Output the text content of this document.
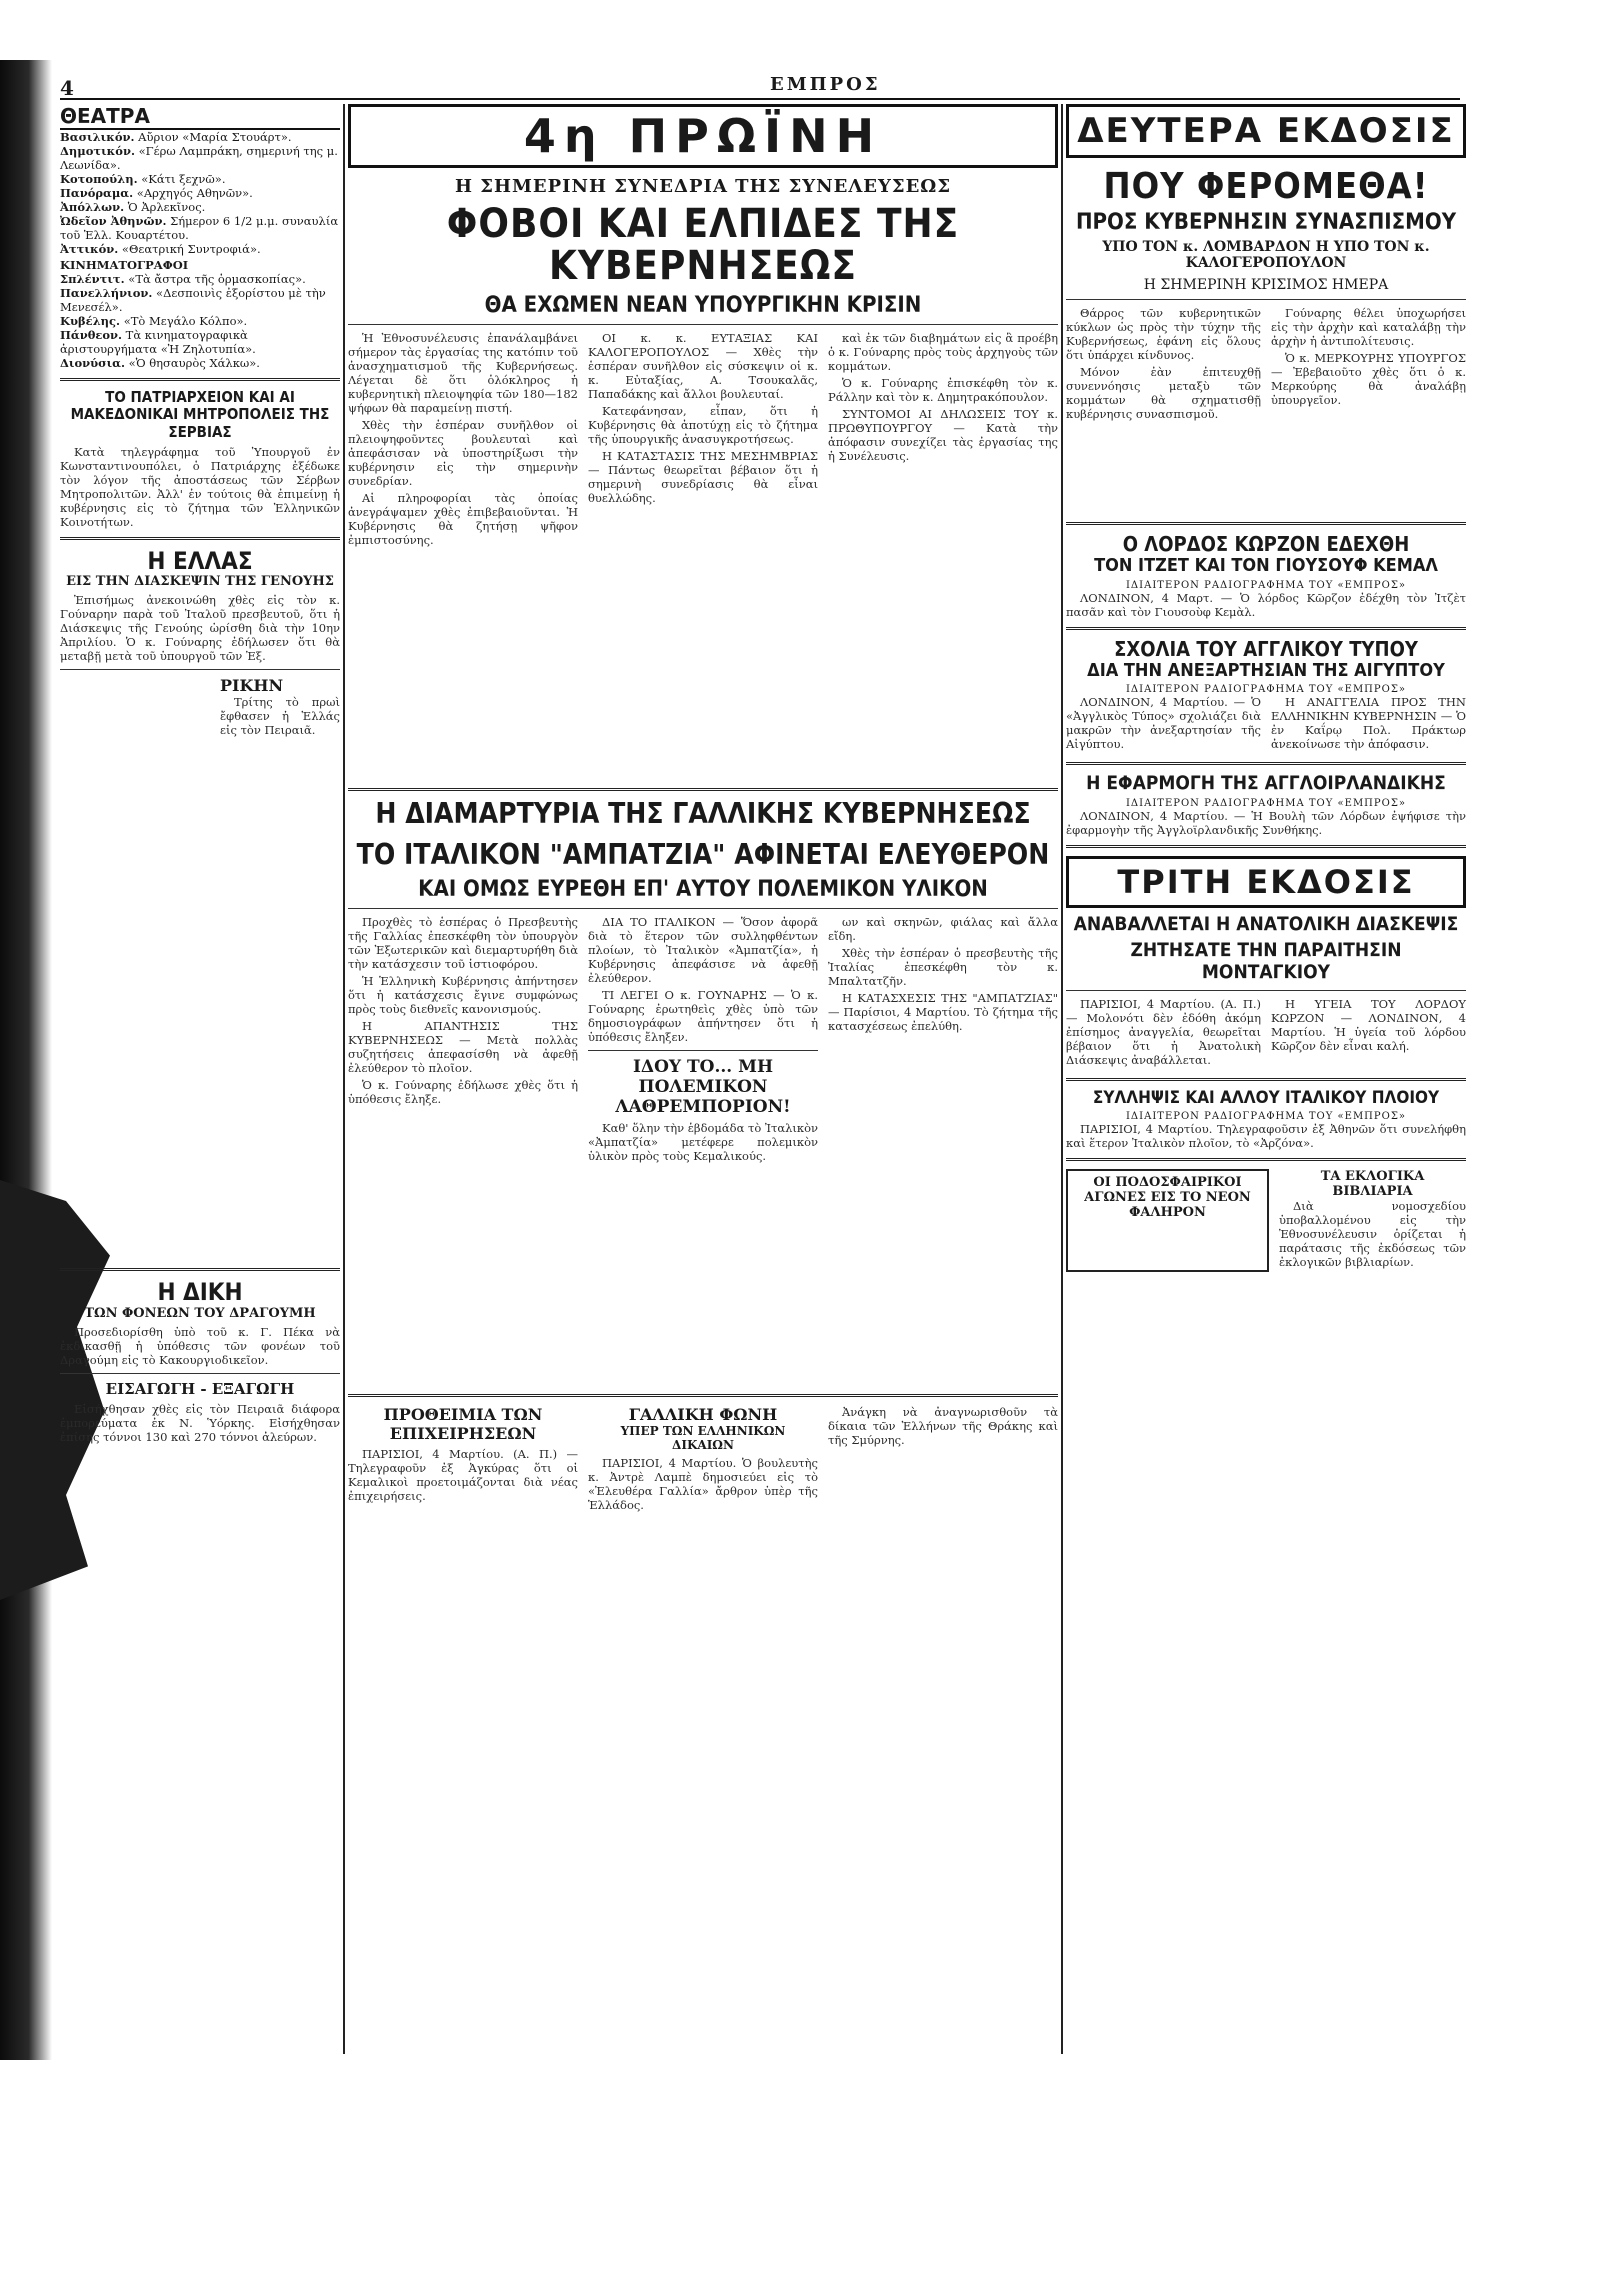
4	ΕΜΠΡΟΣ
ΘΕΑΤΡΑ
Βασιλικόν. Αὔριον «Μαρία Στουάρτ».
Δημοτικόν. «Γέρω Λαμπράκη, σημερινή της μ. Λεωνίδα».
Κοτοπούλη. «Κάτι ξεχνῶ».
Πανόραμα. «Αρχηγός Αθηνῶν».
Ἀπόλλων. Ὁ Ἀρλεκῖνος.
Ὠδεῖον Ἀθηνῶν. Σήμερον 6 1/2 μ.μ. συναυλία τοῦ Ἑλλ. Κουαρτέτου.
Ἀττικόν. «Θεατρική Συντροφιά».
ΚΙΝΗΜΑΤΟΓΡΑΦΟΙ
Σπλέντιτ. «Τὰ ἄστρα τῆς ὁρμασκοπίας».
Πανελλήνιον. «Δεσποινὶς ἐξορίστου μὲ τὴν Μενεσέλ».
Κυβέλης. «Τὸ Μεγάλο Κόλπο».
Πάνθεον. Τὰ κινηματογραφικὰ ἀριστουργήματα «Ἡ Ζηλοτυπία».
Διονύσια. «Ὁ θησαυρὸς Χάλκω».
ΤΟ ΠΑΤΡΙΑΡΧΕΙΟΝ ΚΑΙ ΑΙ ΜΑΚΕΔΟΝΙΚΑΙ ΜΗΤΡΟΠΟΛΕΙΣ ΤΗΣ ΣΕΡΒΙΑΣ

Κατὰ τηλεγράφημα τοῦ Ὑπουργοῦ ἐν Κωνσταντινουπόλει, ὁ Πατριάρχης ἐξέδωκε τὸν λόγον τῆς ἀποστάσεως τῶν Σέρβων Μητροπολιτῶν. Ἀλλ' ἐν τούτοις θὰ ἐπιμείνῃ ἡ κυβέρνησις εἰς τὸ ζήτημα τῶν Ἑλληνικῶν Κοινοτήτων.

Η ΕΛΛΑΣ
ΕΙΣ ΤΗΝ ΔΙΑΣΚΕΨΙΝ ΤΗΣ ΓΕΝΟΥΗΣ

Ἐπισήμως ἀνεκοινώθη χθὲς εἰς τὸν κ. Γούναρην παρὰ τοῦ Ἰταλοῦ πρεσβευτοῦ, ὅτι ἡ Διάσκεψις τῆς Γενούης ὡρίσθη διὰ τὴν 10ην Ἀπριλίου. Ὁ κ. Γούναρης ἐδήλωσεν ὅτι θὰ μεταβῇ μετὰ τοῦ ὑπουργοῦ τῶν Ἐξ.

ΡΙΚΗΝ

Τρίτης τὸ πρωὶ ἔφθασεν ἡ Ἑλλάς εἰς τὸν Πειραιᾶ.

Η ΔΙΚΗ
ΤΩΝ ΦΟΝΕΩΝ ΤΟΥ ΔΡΑΓΟΥΜΗ

Προσεδιορίσθη ὑπὸ τοῦ κ. Γ. Πέκα νὰ ἐκδικασθῇ ἡ ὑπόθεσις τῶν φονέων τοῦ Δραγούμη εἰς τὸ Κακουργιοδικεῖον.

ΕΙΣΑΓΩΓΗ - ΕΞΑΓΩΓΗ

Εἰσήχθησαν χθὲς εἰς τὸν Πειραιᾶ διάφορα ἐμπορεύματα ἐκ Ν. Ὑόρκης. Εἰσήχθησαν ἐπίσης τόννοι 130 καὶ 270 τόννοι ἀλεύρων.

4η ΠΡΩΪΝΗ
Η ΣΗΜΕΡΙΝΗ ΣΥΝΕΔΡΙΑ ΤΗΣ ΣΥΝΕΛΕΥΣΕΩΣ
ΦΟΒΟΙ ΚΑΙ ΕΛΠΙΔΕΣ ΤΗΣ ΚΥΒΕΡΝΗΣΕΩΣ
ΘΑ ΕΧΩΜΕΝ ΝΕΑΝ ΥΠΟΥΡΓΙΚΗΝ ΚΡΙΣΙΝ

Ἡ Ἐθνοσυνέλευσις ἐπανάλαμβάνει σήμερον τὰς ἐργασίας της κατόπιν τοῦ ἀνασχηματισμοῦ τῆς Κυβερνήσεως. Λέγεται δὲ ὅτι ὁλόκληρος ἡ κυβερνητικὴ πλειοψηφία τῶν 180—182 ψήφων θὰ παραμείνῃ πιστή.

Χθὲς τὴν ἑσπέραν συνῆλθον οἱ πλειοψηφοῦντες βουλευταὶ καὶ ἀπεφάσισαν νὰ ὑποστηρίξωσι τὴν κυβέρνησιν εἰς τὴν σημερινὴν συνεδρίαν.

Αἱ πληροφορίαι τὰς ὁποίας ἀνεγράψαμεν χθὲς ἐπιβεβαιοῦνται. Ἡ Κυβέρνησις θὰ ζητήσῃ ψῆφον ἐμπιστοσύνης.

ΟΙ κ. κ. ΕΥΤΑΞΙΑΣ ΚΑΙ ΚΑΛΟΓΕΡΟΠΟΥΛΟΣ — Χθὲς τὴν ἑσπέραν συνῆλθον εἰς σύσκεψιν οἱ κ. κ. Εὐταξίας, Α. Τσουκαλᾶς, Παπαδάκης καὶ ἄλλοι βουλευταί.

Κατεφάνησαν, εἶπαν, ὅτι ἡ Κυβέρνησις θὰ ἀποτύχῃ εἰς τὸ ζήτημα τῆς ὑπουργικῆς ἀνασυγκροτήσεως.

Η ΚΑΤΑΣΤΑΣΙΣ ΤΗΣ ΜΕΣΗΜΒΡΙΑΣ — Πάντως θεωρεῖται βέβαιον ὅτι ἡ σημερινὴ συνεδρίασις θὰ εἶναι θυελλώδης.

καὶ ἐκ τῶν διαβημάτων εἰς ἃ προέβη ὁ κ. Γούναρης πρὸς τοὺς ἀρχηγοὺς τῶν κομμάτων.

Ὁ κ. Γούναρης ἐπισκέφθη τὸν κ. Ράλλην καὶ τὸν κ. Δημητρακόπουλον.

ΣΥΝΤΟΜΟΙ ΑΙ ΔΗΛΩΣΕΙΣ ΤΟΥ κ. ΠΡΩΘΥΠΟΥΡΓΟΥ — Κατὰ τὴν ἀπόφασιν συνεχίζει τὰς ἐργασίας της ἡ Συνέλευσις.

Η ΔΙΑΜΑΡΤΥΡΙΑ ΤΗΣ ΓΑΛΛΙΚΗΣ ΚΥΒΕΡΝΗΣΕΩΣ
ΤΟ ΙΤΑΛΙΚΟΝ "ΑΜΠΑΤΖΙΑ" ΑΦΙΝΕΤΑΙ ΕΛΕΥΘΕΡΟΝ
ΚΑΙ ΟΜΩΣ ΕΥΡΕΘΗ ΕΠ' ΑΥΤΟΥ ΠΟΛΕΜΙΚΟΝ ΥΛΙΚΟΝ

Προχθὲς τὸ ἑσπέρας ὁ Πρεσβευτὴς τῆς Γαλλίας ἐπεσκέφθη τὸν ὑπουργὸν τῶν Ἐξωτερικῶν καὶ διεμαρτυρήθη διὰ τὴν κατάσχεσιν τοῦ ἱστιοφόρου.

Ἡ Ἑλληνικὴ Κυβέρνησις ἀπήντησεν ὅτι ἡ κατάσχεσις ἔγινε συμφώνως πρὸς τοὺς διεθνεῖς κανονισμούς.

Η ΑΠΑΝΤΗΣΙΣ ΤΗΣ ΚΥΒΕΡΝΗΣΕΩΣ — Μετὰ πολλὰς συζητήσεις ἀπεφασίσθη νὰ ἀφεθῇ ἐλεύθερον τὸ πλοῖον.

Ὁ κ. Γούναρης ἐδήλωσε χθὲς ὅτι ἡ ὑπόθεσις ἔληξε.

ΔΙΑ ΤΟ ΙΤΑΛΙΚΟΝ — Ὅσον ἀφορᾶ διὰ τὸ ἕτερον τῶν συλληφθέντων πλοίων, τὸ Ἰταλικὸν «Ἀμπατζία», ἡ Κυβέρνησις ἀπεφάσισε νὰ ἀφεθῇ ἐλεύθερον.

ΤΙ ΛΕΓΕΙ Ο κ. ΓΟΥΝΑΡΗΣ — Ὁ κ. Γούναρης ἐρωτηθεὶς χθὲς ὑπὸ τῶν δημοσιογράφων ἀπήντησεν ὅτι ἡ ὑπόθεσις ἔληξεν.

ΙΔΟΥ ΤΟ... ΜΗ ΠΟΛΕΜΙΚΟΝ ΛΑΘΡΕΜΠΟΡΙΟΝ!

Καθ' ὅλην τὴν ἑβδομάδα τὸ Ἰταλικὸν «Ἀμπατζία» μετέφερε πολεμικὸν ὑλικὸν πρὸς τοὺς Κεμαλικούς.

ων καὶ σκηνῶν, φιάλας καὶ ἄλλα εἴδη.

Χθὲς τὴν ἑσπέραν ὁ πρεσβευτὴς τῆς Ἰταλίας ἐπεσκέφθη τὸν κ. Μπαλτατζῆν.

Η ΚΑΤΑΣΧΕΣΙΣ ΤΗΣ "ΑΜΠΑΤΖΙΑΣ" — Παρίσιοι, 4 Μαρτίου. Τὸ ζήτημα τῆς κατασχέσεως ἐπελύθη.

ΠΡΟΘΕΙΜΙΑ ΤΩΝ ΕΠΙΧΕΙΡΗΣΕΩΝ

ΠΑΡΙΣΙΟΙ, 4 Μαρτίου. (Α. Π.) — Τηλεγραφοῦν ἐξ Ἀγκύρας ὅτι οἱ Κεμαλικοὶ προετοιμάζονται διὰ νέας ἐπιχειρήσεις.

ΓΑΛΛΙΚΗ ΦΩΝΗ
ΥΠΕΡ ΤΩΝ ΕΛΛΗΝΙΚΩΝ ΔΙΚΑΙΩΝ

ΠΑΡΙΣΙΟΙ, 4 Μαρτίου. Ὁ βουλευτὴς κ. Ἀντρὲ Λαμπὲ δημοσιεύει εἰς τὸ «Ἐλευθέρα Γαλλία» ἄρθρον ὑπὲρ τῆς Ἑλλάδος.

Ἀνάγκη νὰ ἀναγνωρισθοῦν τὰ δίκαια τῶν Ἑλλήνων τῆς Θράκης καὶ τῆς Σμύρνης.

ΔΕΥΤΕΡΑ ΕΚΔΟΣΙΣ
ΠΟΥ ΦΕΡΟΜΕΘΑ!
ΠΡΟΣ ΚΥΒΕΡΝΗΣΙΝ ΣΥΝΑΣΠΙΣΜΟΥ
ΥΠΟ ΤΟΝ κ. ΛΟΜΒΑΡΔΟΝ Η ΥΠΟ ΤΟΝ κ. ΚΑΛΟΓΕΡΟΠΟΥΛΟΝ
Η ΣΗΜΕΡΙΝΗ ΚΡΙΣΙΜΟΣ ΗΜΕΡΑ

Θάρρος τῶν κυβερνητικῶν κύκλων ὡς πρὸς τὴν τύχην τῆς Κυβερνήσεως, ἐφάνη εἰς ὅλους ὅτι ὑπάρχει κίνδυνος.

Μόνον ἐὰν ἐπιτευχθῇ συνεννόησις μεταξὺ τῶν κομμάτων θὰ σχηματισθῇ κυβέρνησις συνασπισμοῦ.

Γούναρης θέλει ὑποχωρήσει εἰς τὴν ἀρχὴν καὶ καταλάβῃ τὴν ἀρχὴν ἡ ἀντιπολίτευσις.

Ὁ κ. ΜΕΡΚΟΥΡΗΣ ΥΠΟΥΡΓΟΣ — Ἐβεβαιοῦτο χθὲς ὅτι ὁ κ. Μερκούρης θὰ ἀναλάβῃ ὑπουργεῖον.

Ο ΛΟΡΔΟΣ ΚΩΡΖΟΝ ΕΔΕΧΘΗ
ΤΟΝ ΙΤΖΕΤ ΚΑΙ ΤΟΝ ΓΙΟΥΣΟΥΦ ΚΕΜΑΛ
ΙΔΙΑΙΤΕΡΟΝ ΡΑΔΙΟΓΡΑΦΗΜΑ ΤΟΥ «ΕΜΠΡΟΣ»

ΛΟΝΔΙΝΟΝ, 4 Μαρτ. — Ὁ λόρδος Κῶρζον ἐδέχθη τὸν Ἰτζὲτ πασᾶν καὶ τὸν Γιουσοὺφ Κεμὰλ.

ΣΧΟΛΙΑ ΤΟΥ ΑΓΓΛΙΚΟΥ ΤΥΠΟΥ
ΔΙΑ ΤΗΝ ΑΝΕΞΑΡΤΗΣΙΑΝ ΤΗΣ ΑΙΓΥΠΤΟΥ
ΙΔΙΑΙΤΕΡΟΝ ΡΑΔΙΟΓΡΑΦΗΜΑ ΤΟΥ «ΕΜΠΡΟΣ»

ΛΟΝΔΙΝΟΝ, 4 Μαρτίου. — Ὁ «Ἀγγλικὸς Τύπος» σχολιάζει διὰ μακρῶν τὴν ἀνεξαρτησίαν τῆς Αἰγύπτου.

Η ΑΝΑΓΓΕΛΙΑ ΠΡΟΣ ΤΗΝ ΕΛΛΗΝΙΚΗΝ ΚΥΒΕΡΝΗΣΙΝ — Ὁ ἐν Καΐρῳ Πολ. Πράκτωρ ἀνεκοίνωσε τὴν ἀπόφασιν.

Η ΕΦΑΡΜΟΓΗ ΤΗΣ ΑΓΓΛΟΙΡΛΑΝΔΙΚΗΣ
ΙΔΙΑΙΤΕΡΟΝ ΡΑΔΙΟΓΡΑΦΗΜΑ ΤΟΥ «ΕΜΠΡΟΣ»

ΛΟΝΔΙΝΟΝ, 4 Μαρτίου. — Ἡ Βουλὴ τῶν Λόρδων ἐψήφισε τὴν ἐφαρμογὴν τῆς Ἀγγλοϊρλανδικῆς Συνθήκης.

ΤΡΙΤΗ ΕΚΔΟΣΙΣ
ΑΝΑΒΑΛΛΕΤΑΙ Η ΑΝΑΤΟΛΙΚΗ ΔΙΑΣΚΕΨΙΣ
ΖΗΤΗΣΑΤΕ ΤΗΝ ΠΑΡΑΙΤΗΣΙΝ ΜΟΝΤΑΓΚΙΟΥ

ΠΑΡΙΣΙΟΙ, 4 Μαρτίου. (Α. Π.) — Μολονότι δὲν ἐδόθη ἀκόμη ἐπίσημος ἀναγγελία, θεωρεῖται βέβαιον ὅτι ἡ Ἀνατολικὴ Διάσκεψις ἀναβάλλεται.

Η ΥΓΕΙΑ ΤΟΥ ΛΟΡΔΟΥ ΚΩΡΖΟΝ — ΛΟΝΔΙΝΟΝ, 4 Μαρτίου. Ἡ ὑγεία τοῦ λόρδου Κῶρζον δὲν εἶναι καλή.

ΣΥΛΛΗΨΙΣ ΚΑΙ ΑΛΛΟΥ ΙΤΑΛΙΚΟΥ ΠΛΟΙΟΥ
ΙΔΙΑΙΤΕΡΟΝ ΡΑΔΙΟΓΡΑΦΗΜΑ ΤΟΥ «ΕΜΠΡΟΣ»

ΠΑΡΙΣΙΟΙ, 4 Μαρτίου. Τηλεγραφοῦσιν ἐξ Ἀθηνῶν ὅτι συνελήφθη καὶ ἕτερον Ἰταλικὸν πλοῖον, τὸ «Ἀρζόνα».

ΟΙ ΠΟΔΟΣΦΑΙΡΙΚΟΙ ΑΓΩΝΕΣ ΕΙΣ ΤΟ ΝΕΟΝ ΦΑΛΗΡΟΝ
ΤΑ ΕΚΛΟΓΙΚΑ ΒΙΒΛΙΑΡΙΑ

Διὰ νομοσχεδίου ὑποβαλλομένου εἰς τὴν Ἐθνοσυνέλευσιν ὁρίζεται ἡ παράτασις τῆς ἐκδόσεως τῶν ἐκλογικῶν βιβλιαρίων.
